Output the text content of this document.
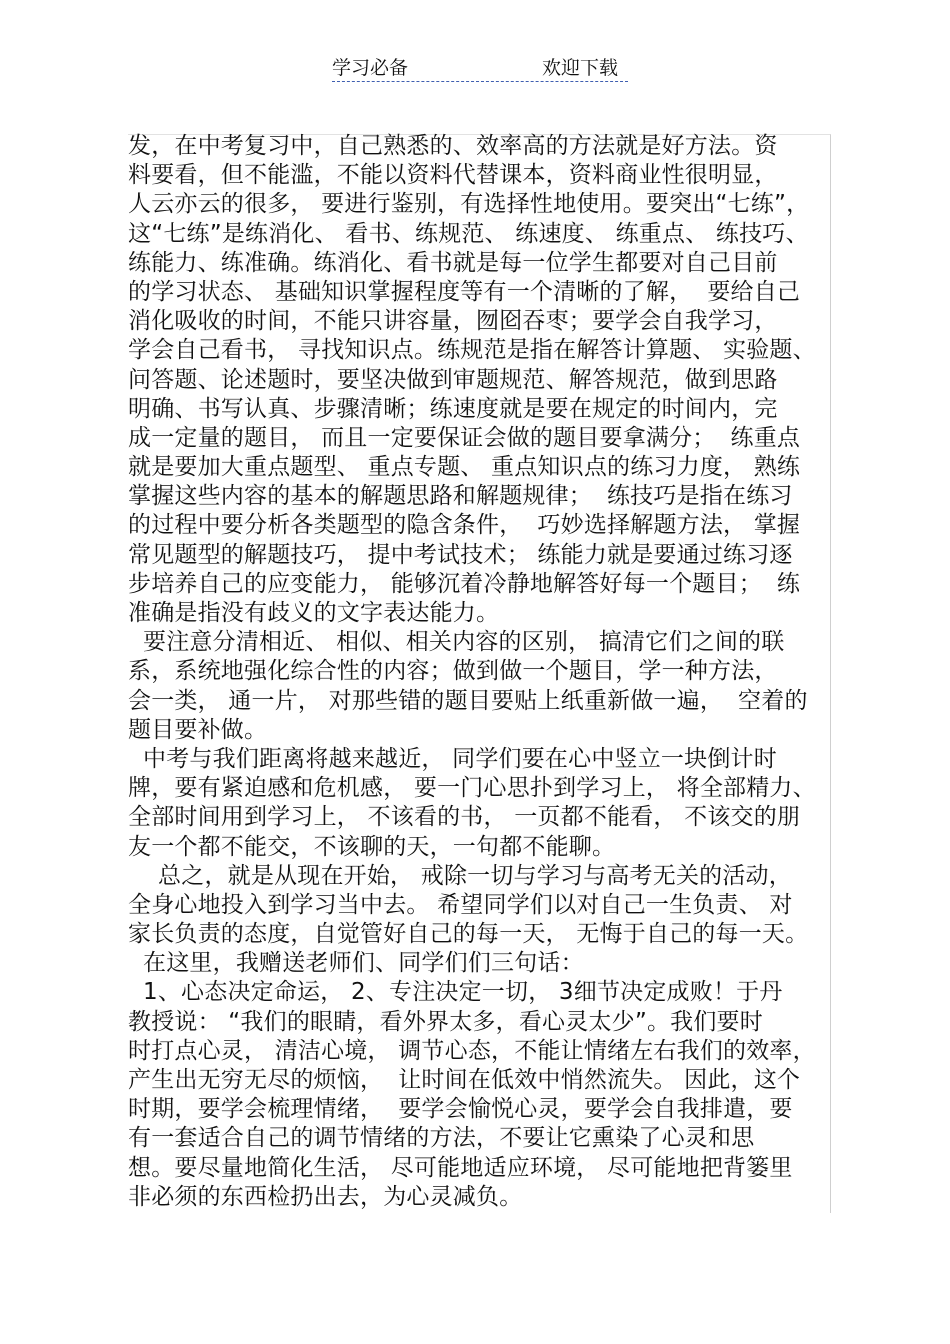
学习必备	欢迎下载
发，在中考复习中，自己熟悉的、效率高的方法就是好方法。资
料要看，但不能滥，不能以资料代替课本，资料商业性很明显，
人云亦云的很多， 要进行鉴别，有选择性地使用。要突出“七练”，
这“七练”是练消化、 看书、练规范、 练速度、 练重点、 练技巧、
练能力、练准确。练消化、看书就是每一位学生都要对自己目前
的学习状态、 基础知识掌握程度等有一个清晰的了解，  要给自己
消化吸收的时间，不能只讲容量，囫囵吞枣；要学会自我学习，
学会自己看书， 寻找知识点。练规范是指在解答计算题、 实验题、
问答题、论述题时，要坚决做到审题规范、解答规范，做到思路
明确、书写认真、步骤清晰；练速度就是要在规定的时间内，完
成一定量的题目， 而且一定要保证会做的题目要拿满分；  练重点
就是要加大重点题型、 重点专题、 重点知识点的练习力度， 熟练
掌握这些内容的基本的解题思路和解题规律；  练技巧是指在练习
的过程中要分析各类题型的隐含条件，  巧妙选择解题方法， 掌握
常见题型的解题技巧， 提中考试技术； 练能力就是要通过练习逐
步培养自己的应变能力， 能够沉着冷静地解答好每一个题目；  练
准确是指没有歧义的文字表达能力。
要注意分清相近、 相似、相关内容的区别， 搞清它们之间的联
系，系统地强化综合性的内容；做到做一个题目，学一种方法，
会一类， 通一片， 对那些错的题目要贴上纸重新做一遍，  空着的
题目要补做。
中考与我们距离将越来越近， 同学们要在心中竖立一块倒计时
牌，要有紧迫感和危机感， 要一门心思扑到学习上， 将全部精力、
全部时间用到学习上， 不该看的书， 一页都不能看， 不该交的朋
友一个都不能交，不该聊的天，一句都不能聊。
总之，就是从现在开始， 戒除一切与学习与高考无关的活动，
全身心地投入到学习当中去。 希望同学们以对自己一生负责、 对
家长负责的态度，自觉管好自己的每一天， 无悔于自己的每一天。
在这里，我赠送老师们、同学们们三句话：
1、心态决定命运， 2、专注决定一切， 3细节决定成败！于丹
教授说： “我们的眼睛，看外界太多，看心灵太少”。我们要时
时打点心灵， 清洁心境， 调节心态，不能让情绪左右我们的效率，
产生出无穷无尽的烦恼，  让时间在低效中悄然流失。 因此，这个
时期，要学会梳理情绪，  要学会愉悦心灵，要学会自我排遣，要
有一套适合自己的调节情绪的方法，不要让它熏染了心灵和思
想。要尽量地简化生活， 尽可能地适应环境， 尽可能地把背篓里
非必须的东西检扔出去，为心灵减负。
